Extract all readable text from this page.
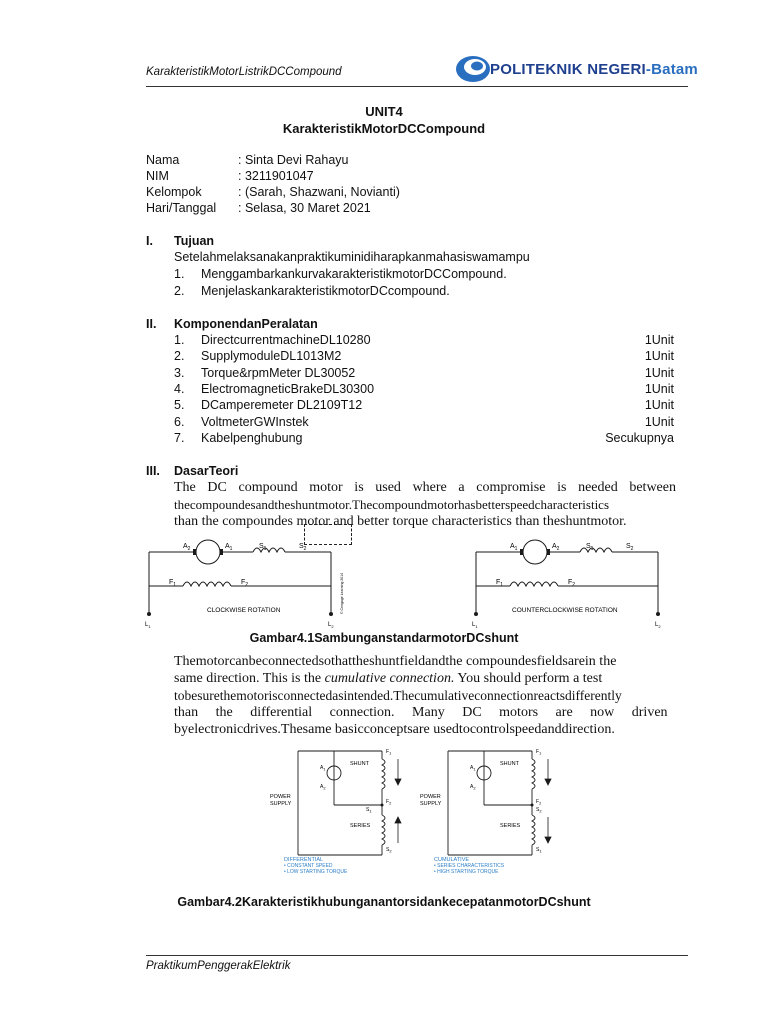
KarakteristikMotorListrikDCCompound	POLITEKNIK NEGERI-Batam
UNIT4
KarakteristikMotorDCCompound
Nama	: Sinta Devi Rahayu
NIM	: 3211901047
Kelompok	: (Sarah, Shazwani, Novianti)
Hari/Tanggal : Selasa, 30 Maret 2021
I. Tujuan
Setelahmelaksanakanpraktikuminidiharapkanmahasiswamampu
1. MenggambarkankurvakarakteristikmotorDCCompound.
2. MenjelaskankarakteristikmotorDCcompound.
II. KomponendanPeralatan
1. DirectcurrentmachineDL10280	1Unit
2. SupplymoduleDL1013M2	1Unit
3. Torque&rpmMeter DL30052	1Unit
4. ElectromagneticBrakeDL30300	1Unit
5. DCamperemeter DL2109T12	1Unit
6. VoltmeterGWInstek	1Unit
7. Kabelpenghubung	Secukupnya
III. DasarTeori
The DC compound motor is used where a compromise is needed between
thecompoundesandtheshuntmotor.Thecompoundmotorhasbetterspeedcharacteristics
than the compoundes motor and better torque characteristics than theshuntmotor.
$A_2$	$A_1$	$S_1$	$S_2$
$F_1$	$F_2$
$L_1$	$L_2$
CLOCKWISE ROTATION	© Cengage Learning 2014
$A_1$	$A_2$	$S_1$	$S_2$
$F_1$	$F_2$
$L_1$	$L_2$
COUNTERCLOCKWISE ROTATION
Gambar4.1SambunganstandarmotorDCshunt
Themotorcanbeconnectedsothattheshuntfieldandthe compoundesfieldsarein the
same direction. This is the cumulative connection. You should perform a test
tobesurethemotorisconnectedasintended.Thecumulativeconnectionreactsdifferently
than the differential connection. Many DC motors are now driven
byelectronicdrives.Thesame basicconceptsare usedtocontrolspeedanddirection.
POWER
SUPPLY
SHUNT
SERIES
POWER
SUPPLY
SHUNT
SERIES
$A_1$
$A_2$
$F_1$
$F_2$
$S_1$
$S_2$
$A_1$
$A_2$
$F_1$
$F_2$
$S_2$
$S_1$
DIFFERENTIAL
• CONSTANT SPEED
• LOW STARTING TORQUE
CUMULATIVE
• SERIES CHARACTERISTICS
• HIGH STARTING TORQUE
Gambar4.2KarakteristikhubunganantorsidankecepatanmotorDCshunt
PraktikumPenggerakElektrik
